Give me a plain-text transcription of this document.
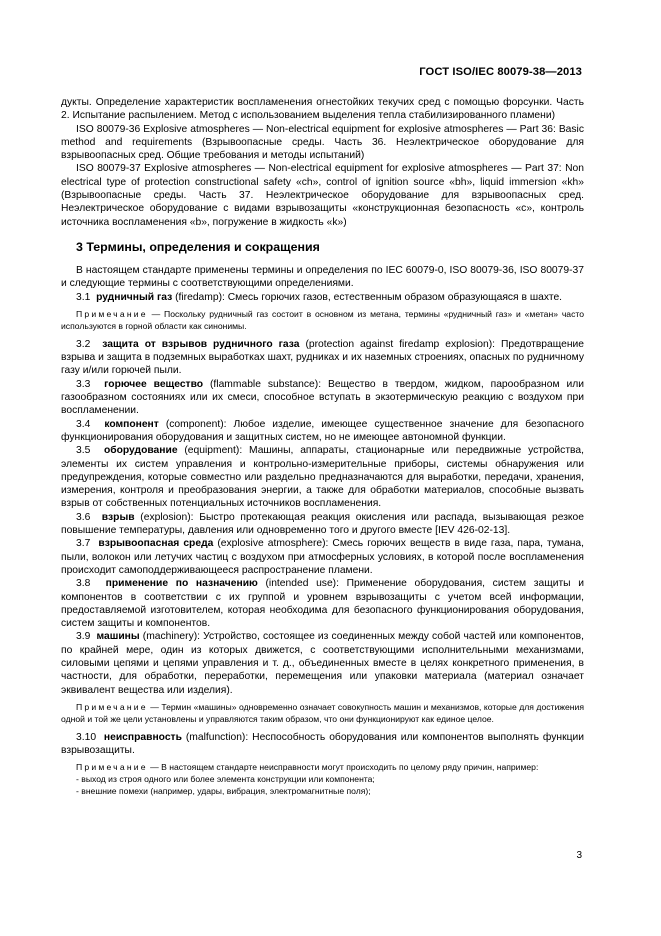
ГОСТ ISO/IEC 80079-38—2013

дукты. Определение характеристик воспламенения огнестойких текучих сред с помощью форсунки. Часть 2. Испытание распылением. Метод с использованием выделения тепла стабилизированного пламени)

ISO 80079-36 Explosive atmospheres — Non-electrical equipment for explosive atmospheres — Part 36: Basic method and requirements (Взрывоопасные среды. Часть 36. Неэлектрическое оборудование для взрывоопасных сред. Общие требования и методы испытаний)

ISO 80079-37 Explosive atmospheres — Non-electrical equipment for explosive atmospheres — Part 37: Non electrical type of protection constructional safety «ch», control of ignition source «bh», liquid immersion «kh» (Взрывоопасные среды. Часть 37. Неэлектрическое оборудование для взрывоопасных сред. Неэлектрическое оборудование с видами взрывозащиты «конструкционная безопасность «c», контроль источника воспламенения «b», погружение в жидкость «k»)

3 Термины, определения и сокращения

В настоящем стандарте применены термины и определения по IEC 60079-0, ISO 80079-36, ISO 80079-37 и следующие термины с соответствующими определениями.

3.1 рудничный газ (firedamp): Смесь горючих газов, естественным образом образующаяся в шахте.

Примечание — Поскольку рудничный газ состоит в основном из метана, термины «рудничный газ» и «метан» часто используются в горной области как синонимы.

3.2 защита от взрывов рудничного газа (protection against firedamp explosion): Предотвращение взрыва и защита в подземных выработках шахт, рудниках и их наземных строениях, опасных по рудничному газу и/или горючей пыли.

3.3 горючее вещество (flammable substance): Вещество в твердом, жидком, парообразном или газообразном состояниях или их смеси, способное вступать в экзотермическую реакцию с воздухом при воспламенении.

3.4 компонент (component): Любое изделие, имеющее существенное значение для безопасного функционирования оборудования и защитных систем, но не имеющее автономной функции.

3.5 оборудование (equipment): Машины, аппараты, стационарные или передвижные устройства, элементы их систем управления и контрольно-измерительные приборы, системы обнаружения или предупреждения, которые совместно или раздельно предназначаются для выработки, передачи, хранения, измерения, контроля и преобразования энергии, а также для обработки материалов, способные вызвать взрыв от собственных потенциальных источников воспламенения.

3.6 взрыв (explosion): Быстро протекающая реакция окисления или распада, вызывающая резкое повышение температуры, давления или одновременно того и другого вместе [IEV 426-02-13].

3.7 взрывоопасная среда (explosive atmosphere): Смесь горючих веществ в виде газа, пара, тумана, пыли, волокон или летучих частиц с воздухом при атмосферных условиях, в которой после воспламенения происходит самоподдерживающееся распространение пламени.

3.8 применение по назначению (intended use): Применение оборудования, систем защиты и компонентов в соответствии с их группой и уровнем взрывозащиты с учетом всей информации, предоставляемой изготовителем, которая необходима для безопасного функционирования оборудования, систем защиты и компонентов.

3.9 машины (machinery): Устройство, состоящее из соединенных между собой частей или компонентов, по крайней мере, один из которых движется, с соответствующими исполнительными механизмами, силовыми цепями и цепями управления и т. д., объединенных вместе в целях конкретного применения, в частности, для обработки, переработки, перемещения или упаковки материала (материал означает эквивалент вещества или изделия).

Примечание — Термин «машины» одновременно означает совокупность машин и механизмов, которые для достижения одной и той же цели установлены и управляются таким образом, что они функционируют как единое целое.

3.10 неисправность (malfunction): Неспособность оборудования или компонентов выполнять функции взрывозащиты.

Примечание — В настоящем стандарте неисправности могут происходить по целому ряду причин, например:

- выход из строя одного или более элемента конструкции или компонента;
- внешние помехи (например, удары, вибрация, электромагнитные поля);
3
